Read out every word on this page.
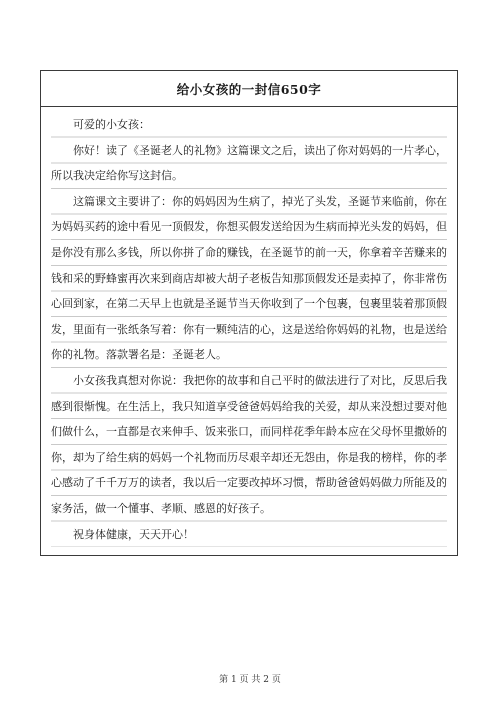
给小女孩的一封信650字

可爱的小女孩：

你好！读了《圣诞老人的礼物》这篇课文之后，读出了你对妈妈的一片孝心，所以我决定给你写这封信。

这篇课文主要讲了：你的妈妈因为生病了，掉光了头发，圣诞节来临前，你在为妈妈买药的途中看见一顶假发，你想买假发送给因为生病而掉光头发的妈妈，但是你没有那么多钱，所以你拼了命的赚钱，在圣诞节的前一天，你拿着辛苦赚来的钱和采的野蜂蜜再次来到商店却被大胡子老板告知那顶假发还是卖掉了，你非常伤心回到家，在第二天早上也就是圣诞节当天你收到了一个包裹，包裹里装着那顶假发，里面有一张纸条写着：你有一颗纯洁的心，这是送给你妈妈的礼物，也是送给你的礼物。落款署名是：圣诞老人。

小女孩我真想对你说：我把你的故事和自己平时的做法进行了对比，反思后我感到很惭愧。在生活上，我只知道享受爸爸妈妈给我的关爱，却从来没想过要对他们做什么，一直都是衣来伸手、饭来张口，而同样花季年龄本应在父母怀里撒娇的你，却为了给生病的妈妈一个礼物而历尽艰辛却还无怨由，你是我的榜样，你的孝心感动了千千万万的读者，我以后一定要改掉坏习惯，帮助爸爸妈妈做力所能及的家务活，做一个懂事、孝顺、感恩的好孩子。

祝身体健康，天天开心！

第 1 页 共 2 页
